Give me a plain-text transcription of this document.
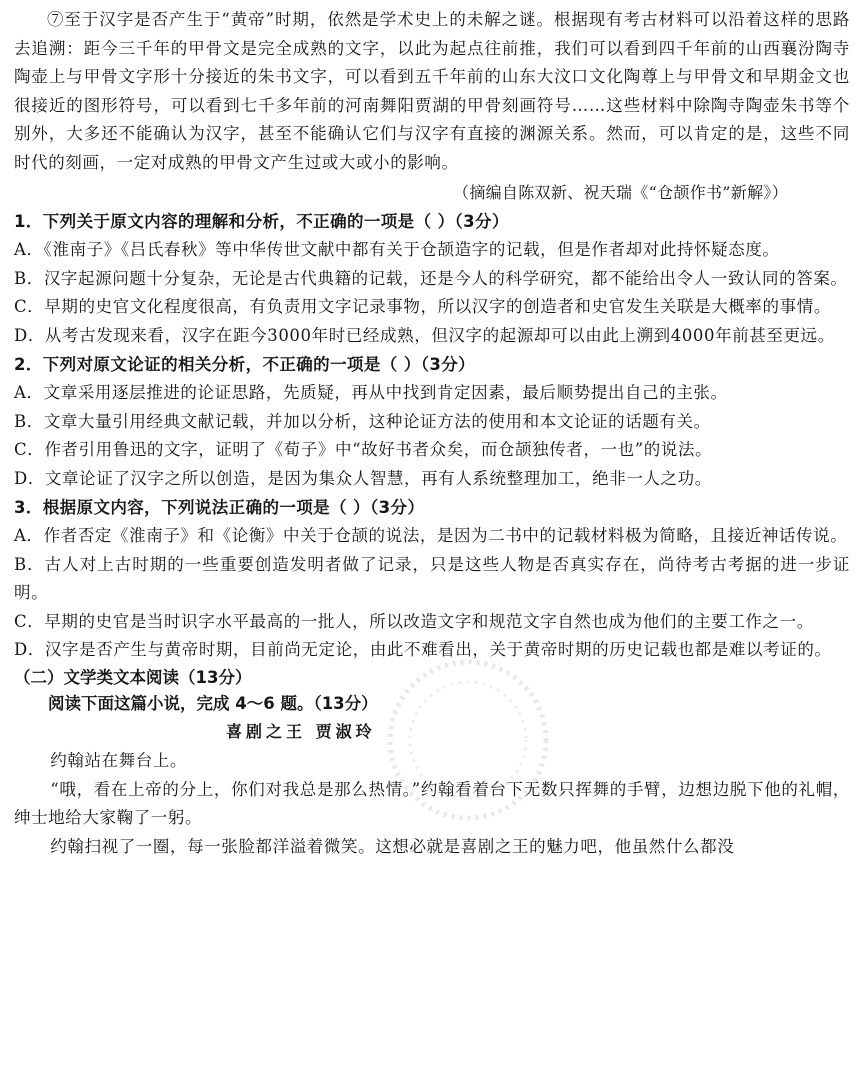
⑦至于汉字是否产生于“黄帝”时期，依然是学术史上的未解之谜。根据现有考古材料可以沿着这样的思路去追溯：距今三千年的甲骨文是完全成熟的文字，以此为起点往前推，我们可以看到四千年前的山西襄汾陶寺陶壶上与甲骨文字形十分接近的朱书文字，可以看到五千年前的山东大汶口文化陶尊上与甲骨文和早期金文也很接近的图形符号，可以看到七千多年前的河南舞阳贾湖的甲骨刻画符号……这些材料中除陶寺陶壶朱书等个别外，大多还不能确认为汉字，甚至不能确认它们与汉字有直接的渊源关系。然而，可以肯定的是，这些不同时代的刻画，一定对成熟的甲骨文产生过或大或小的影响。

（摘编自陈双新、祝天瑞《“仓颉作书”新解》）

1．下列关于原文内容的理解和分析，不正确的一项是（ ）（3分）

A．《淮南子》《吕氏春秋》等中华传世文献中都有关于仓颉造字的记载，但是作者却对此持怀疑态度。

B．汉字起源问题十分复杂，无论是古代典籍的记载，还是今人的科学研究，都不能给出令人一致认同的答案。

C．早期的史官文化程度很高，有负责用文字记录事物，所以汉字的创造者和史官发生关联是大概率的事情。

D．从考古发现来看，汉字在距今3000年时已经成熟，但汉字的起源却可以由此上溯到4000年前甚至更远。

2．下列对原文论证的相关分析，不正确的一项是（ ）（3分）

A．文章采用逐层推进的论证思路，先质疑，再从中找到肯定因素，最后顺势提出自己的主张。

B．文章大量引用经典文献记载，并加以分析，这种论证方法的使用和本文论证的话题有关。

C．作者引用鲁迅的文字，证明了《荀子》中“故好书者众矣，而仓颉独传者，一也”的说法。

D．文章论证了汉字之所以创造，是因为集众人智慧，再有人系统整理加工，绝非一人之功。

3．根据原文内容，下列说法正确的一项是（ ）（3分）

A．作者否定《淮南子》和《论衡》中关于仓颉的说法，是因为二书中的记载材料极为简略，且接近神话传说。

B．古人对上古时期的一些重要创造发明者做了记录，只是这些人物是否真实存在，尚待考古考据的进一步证明。

C．早期的史官是当时识字水平最高的一批人，所以改造文字和规范文字自然也成为他们的主要工作之一。

D．汉字是否产生与黄帝时期，目前尚无定论，由此不难看出，关于黄帝时期的历史记载也都是难以考证的。

（二）文学类文本阅读（13分）

阅读下面这篇小说，完成 4～6 题。（13分）

喜剧之王 贾淑玲

约翰站在舞台上。

“哦，看在上帝的分上，你们对我总是那么热情。”约翰看着台下无数只挥舞的手臂，边想边脱下他的礼帽，绅士地给大家鞠了一躬。

约翰扫视了一圈，每一张脸都洋溢着微笑。这想必就是喜剧之王的魅力吧，他虽然什么都没
